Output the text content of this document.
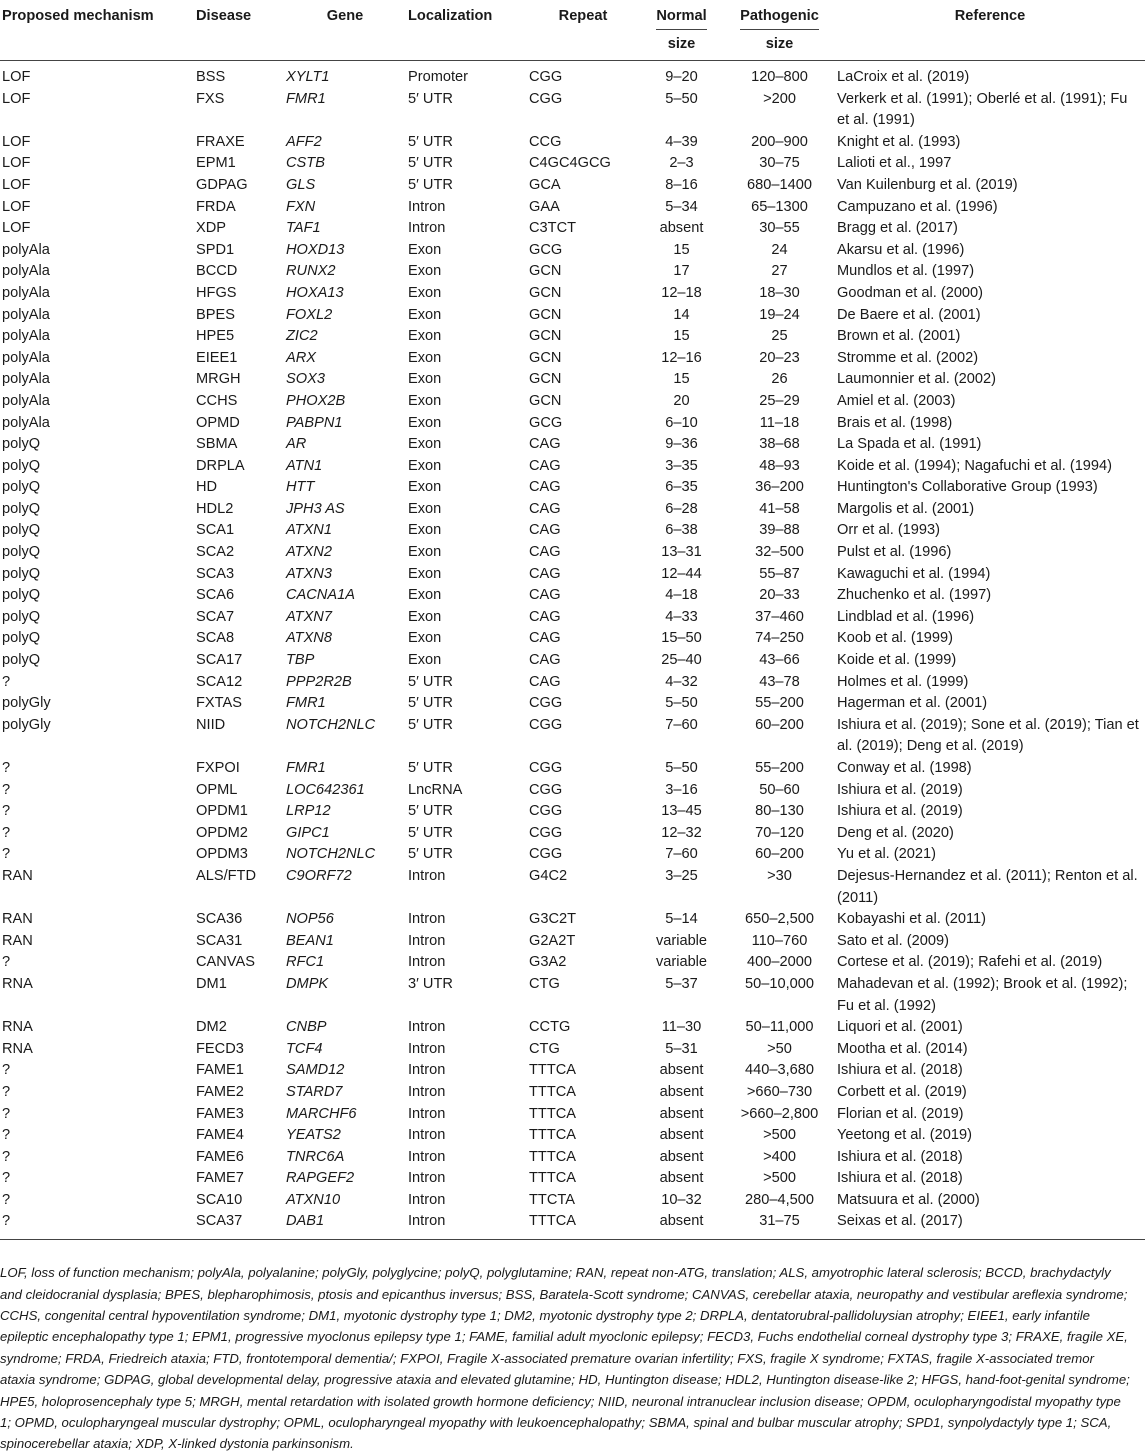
Proposed mechanism	Disease	Gene	Localization	Repeat	Normal	Pathogenic	Reference
					size	size	
LOF	BSS	XYLT1	Promoter	CGG	9–20	120–800	LaCroix et al. (2019)
LOF	FXS	FMR1	5′ UTR	CGG	5–50	>200	Verkerk et al. (1991); Oberlé et al. (1991); Fu et al. (1991)
LOF	FRAXE	AFF2	5′ UTR	CCG	4–39	200–900	Knight et al. (1993)
LOF	EPM1	CSTB	5′ UTR	C4GC4GCG	2–3	30–75	Lalioti et al., 1997
LOF	GDPAG	GLS	5′ UTR	GCA	8–16	680–1400	Van Kuilenburg et al. (2019)
LOF	FRDA	FXN	Intron	GAA	5–34	65–1300	Campuzano et al. (1996)
LOF	XDP	TAF1	Intron	C3TCT	absent	30–55	Bragg et al. (2017)
polyAla	SPD1	HOXD13	Exon	GCG	15	24	Akarsu et al. (1996)
polyAla	BCCD	RUNX2	Exon	GCN	17	27	Mundlos et al. (1997)
polyAla	HFGS	HOXA13	Exon	GCN	12–18	18–30	Goodman et al. (2000)
polyAla	BPES	FOXL2	Exon	GCN	14	19–24	De Baere et al. (2001)
polyAla	HPE5	ZIC2	Exon	GCN	15	25	Brown et al. (2001)
polyAla	EIEE1	ARX	Exon	GCN	12–16	20–23	Stromme et al. (2002)
polyAla	MRGH	SOX3	Exon	GCN	15	26	Laumonnier et al. (2002)
polyAla	CCHS	PHOX2B	Exon	GCN	20	25–29	Amiel et al. (2003)
polyAla	OPMD	PABPN1	Exon	GCG	6–10	11–18	Brais et al. (1998)
polyQ	SBMA	AR	Exon	CAG	9–36	38–68	La Spada et al. (1991)
polyQ	DRPLA	ATN1	Exon	CAG	3–35	48–93	Koide et al. (1994); Nagafuchi et al. (1994)
polyQ	HD	HTT	Exon	CAG	6–35	36–200	Huntington's Collaborative Group (1993)
polyQ	HDL2	JPH3 AS	Exon	CAG	6–28	41–58	Margolis et al. (2001)
polyQ	SCA1	ATXN1	Exon	CAG	6–38	39–88	Orr et al. (1993)
polyQ	SCA2	ATXN2	Exon	CAG	13–31	32–500	Pulst et al. (1996)
polyQ	SCA3	ATXN3	Exon	CAG	12–44	55–87	Kawaguchi et al. (1994)
polyQ	SCA6	CACNA1A	Exon	CAG	4–18	20–33	Zhuchenko et al. (1997)
polyQ	SCA7	ATXN7	Exon	CAG	4–33	37–460	Lindblad et al. (1996)
polyQ	SCA8	ATXN8	Exon	CAG	15–50	74–250	Koob et al. (1999)
polyQ	SCA17	TBP	Exon	CAG	25–40	43–66	Koide et al. (1999)
?	SCA12	PPP2R2B	5′ UTR	CAG	4–32	43–78	Holmes et al. (1999)
polyGly	FXTAS	FMR1	5′ UTR	CGG	5–50	55–200	Hagerman et al. (2001)
polyGly	NIID	NOTCH2NLC	5′ UTR	CGG	7–60	60–200	Ishiura et al. (2019); Sone et al. (2019); Tian et al. (2019); Deng et al. (2019)
?	FXPOI	FMR1	5′ UTR	CGG	5–50	55–200	Conway et al. (1998)
?	OPML	LOC642361	LncRNA	CGG	3–16	50–60	Ishiura et al. (2019)
?	OPDM1	LRP12	5′ UTR	CGG	13–45	80–130	Ishiura et al. (2019)
?	OPDM2	GIPC1	5′ UTR	CGG	12–32	70–120	Deng et al. (2020)
?	OPDM3	NOTCH2NLC	5′ UTR	CGG	7–60	60–200	Yu et al. (2021)
RAN	ALS/FTD	C9ORF72	Intron	G4C2	3–25	>30	Dejesus-Hernandez et al. (2011); Renton et al. (2011)
RAN	SCA36	NOP56	Intron	G3C2T	5–14	650–2,500	Kobayashi et al. (2011)
RAN	SCA31	BEAN1	Intron	G2A2T	variable	110–760	Sato et al. (2009)
?	CANVAS	RFC1	Intron	G3A2	variable	400–2000	Cortese et al. (2019); Rafehi et al. (2019)
RNA	DM1	DMPK	3′ UTR	CTG	5–37	50–10,000	Mahadevan et al. (1992); Brook et al. (1992); Fu et al. (1992)
RNA	DM2	CNBP	Intron	CCTG	11–30	50–11,000	Liquori et al. (2001)
RNA	FECD3	TCF4	Intron	CTG	5–31	>50	Mootha et al. (2014)
?	FAME1	SAMD12	Intron	TTTCA	absent	440–3,680	Ishiura et al. (2018)
?	FAME2	STARD7	Intron	TTTCA	absent	>660–730	Corbett et al. (2019)
?	FAME3	MARCHF6	Intron	TTTCA	absent	>660–2,800	Florian et al. (2019)
?	FAME4	YEATS2	Intron	TTTCA	absent	>500	Yeetong et al. (2019)
?	FAME6	TNRC6A	Intron	TTTCA	absent	>400	Ishiura et al. (2018)
?	FAME7	RAPGEF2	Intron	TTTCA	absent	>500	Ishiura et al. (2018)
?	SCA10	ATXN10	Intron	TTCTA	10–32	280–4,500	Matsuura et al. (2000)
?	SCA37	DAB1	Intron	TTTCA	absent	31–75	Seixas et al. (2017)

LOF, loss of function mechanism; polyAla, polyalanine; polyGly, polyglycine; polyQ, polyglutamine; RAN, repeat non-ATG, translation; ALS, amyotrophic lateral sclerosis; BCCD, brachydactyly and cleidocranial dysplasia; BPES, blepharophimosis, ptosis and epicanthus inversus; BSS, Baratela-Scott syndrome; CANVAS, cerebellar ataxia, neuropathy and vestibular areflexia syndrome; CCHS, congenital central hypoventilation syndrome; DM1, myotonic dystrophy type 1; DM2, myotonic dystrophy type 2; DRPLA, dentatorubral-pallidoluysian atrophy; EIEE1, early infantile epileptic encephalopathy type 1; EPM1, progressive myoclonus epilepsy type 1; FAME, familial adult myoclonic epilepsy; FECD3, Fuchs endothelial corneal dystrophy type 3; FRAXE, fragile XE, syndrome; FRDA, Friedreich ataxia; FTD, frontotemporal dementia/; FXPOI, Fragile X-associated premature ovarian infertility; FXS, fragile X syndrome; FXTAS, fragile X-associated tremor ataxia syndrome; GDPAG, global developmental delay, progressive ataxia and elevated glutamine; HD, Huntington disease; HDL2, Huntington disease-like 2; HFGS, hand-foot-genital syndrome; HPE5, holoprosencephaly type 5; MRGH, mental retardation with isolated growth hormone deficiency; NIID, neuronal intranuclear inclusion disease; OPDM, oculopharyngodistal myopathy type 1; OPMD, oculopharyngeal muscular dystrophy; OPML, oculopharyngeal myopathy with leukoencephalopathy; SBMA, spinal and bulbar muscular atrophy; SPD1, synpolydactyly type 1; SCA, spinocerebellar ataxia; XDP, X-linked dystonia parkinsonism.
